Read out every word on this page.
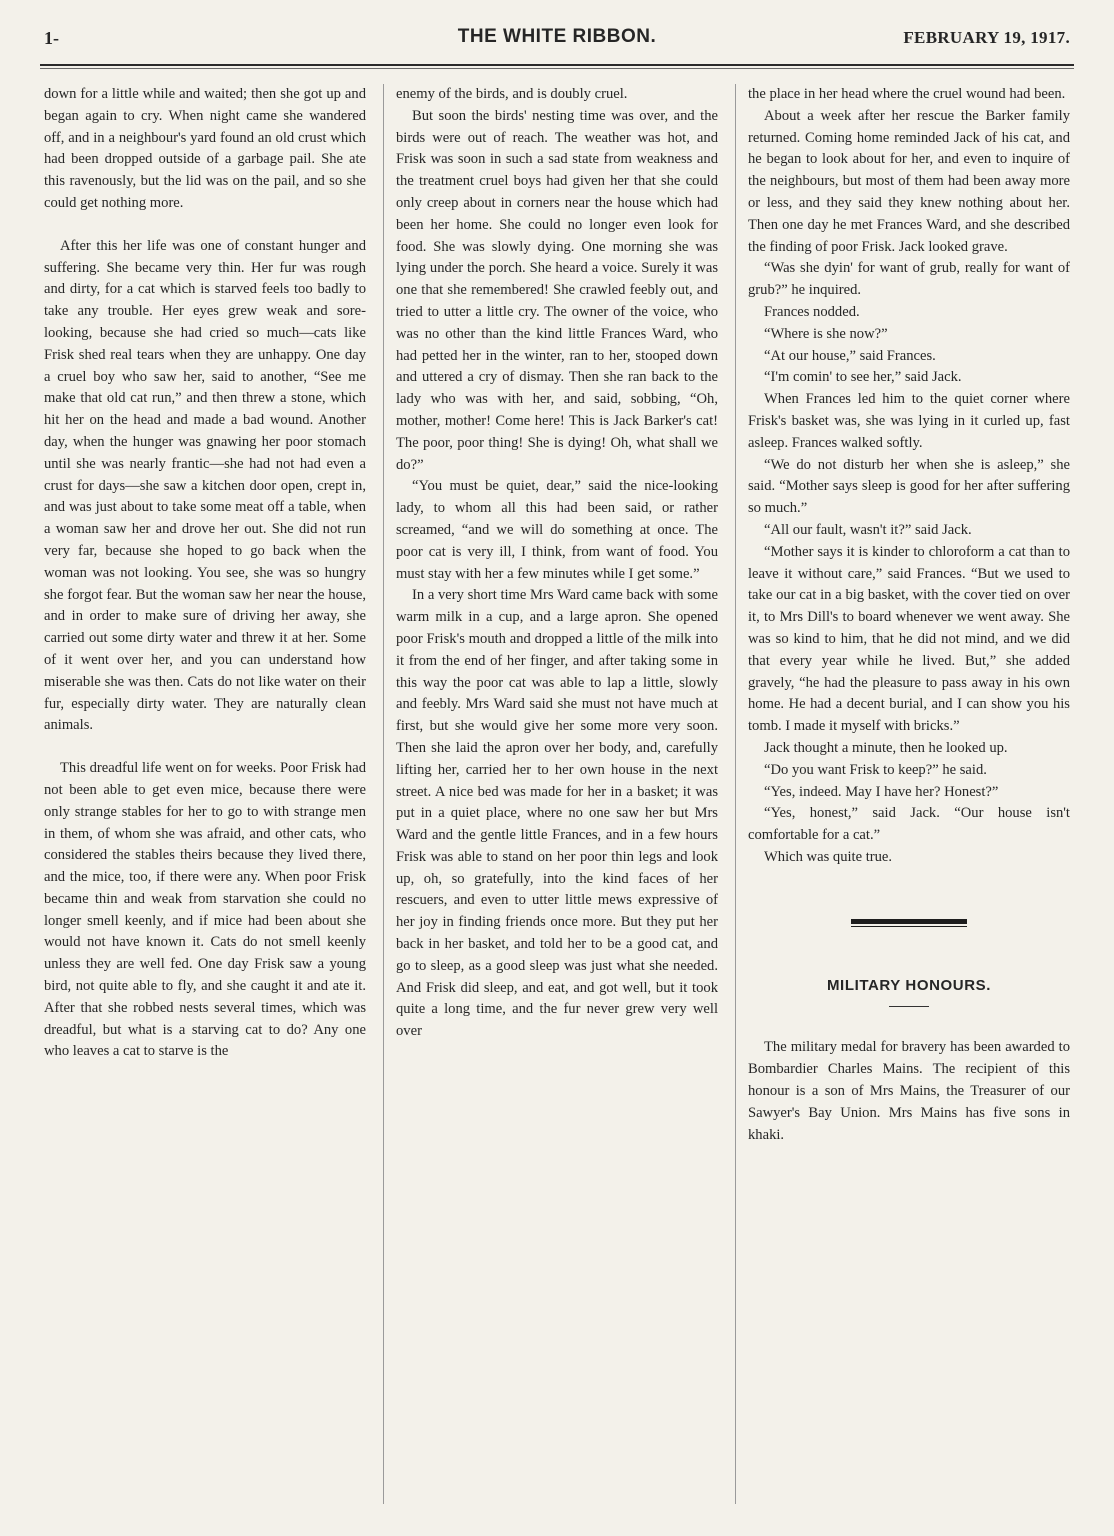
1-	THE WHITE RIBBON.	FEBRUARY 19, 1917.

down for a little while and waited; then she got up and began again to cry. When night came she wandered off, and in a neighbour's yard found an old crust which had been dropped outside of a garbage pail. She ate this ravenously, but the lid was on the pail, and so she could get nothing more.

After this her life was one of constant hunger and suffering. She became very thin. Her fur was rough and dirty, for a cat which is starved feels too badly to take any trouble. Her eyes grew weak and sore-looking, because she had cried so much—cats like Frisk shed real tears when they are unhappy. One day a cruel boy who saw her, said to another, “See me make that old cat run,” and then threw a stone, which hit her on the head and made a bad wound. Another day, when the hunger was gnawing her poor stomach until she was nearly frantic—she had not had even a crust for days—she saw a kitchen door open, crept in, and was just about to take some meat off a table, when a woman saw her and drove her out. She did not run very far, because she hoped to go back when the woman was not looking. You see, she was so hungry she forgot fear. But the woman saw her near the house, and in order to make sure of driving her away, she carried out some dirty water and threw it at her. Some of it went over her, and you can understand how miserable she was then. Cats do not like water on their fur, especially dirty water. They are naturally clean animals.

This dreadful life went on for weeks. Poor Frisk had not been able to get even mice, because there were only strange stables for her to go to with strange men in them, of whom she was afraid, and other cats, who considered the stables theirs because they lived there, and the mice, too, if there were any. When poor Frisk became thin and weak from starvation she could no longer smell keenly, and if mice had been about she would not have known it. Cats do not smell keenly unless they are well fed. One day Frisk saw a young bird, not quite able to fly, and she caught it and ate it. After that she robbed nests several times, which was dreadful, but what is a starving cat to do? Any one who leaves a cat to starve is the

enemy of the birds, and is doubly cruel.

But soon the birds' nesting time was over, and the birds were out of reach. The weather was hot, and Frisk was soon in such a sad state from weakness and the treatment cruel boys had given her that she could only creep about in corners near the house which had been her home. She could no longer even look for food. She was slowly dying. One morning she was lying under the porch. She heard a voice. Surely it was one that she remembered! She crawled feebly out, and tried to utter a little cry. The owner of the voice, who was no other than the kind little Frances Ward, who had petted her in the winter, ran to her, stooped down and uttered a cry of dismay. Then she ran back to the lady who was with her, and said, sobbing, “Oh, mother, mother! Come here! This is Jack Barker's cat! The poor, poor thing! She is dying! Oh, what shall we do?”

“You must be quiet, dear,” said the nice-looking lady, to whom all this had been said, or rather screamed, “and we will do something at once. The poor cat is very ill, I think, from want of food. You must stay with her a few minutes while I get some.”

In a very short time Mrs Ward came back with some warm milk in a cup, and a large apron. She opened poor Frisk's mouth and dropped a little of the milk into it from the end of her finger, and after taking some in this way the poor cat was able to lap a little, slowly and feebly. Mrs Ward said she must not have much at first, but she would give her some more very soon. Then she laid the apron over her body, and, carefully lifting her, carried her to her own house in the next street. A nice bed was made for her in a basket; it was put in a quiet place, where no one saw her but Mrs Ward and the gentle little Frances, and in a few hours Frisk was able to stand on her poor thin legs and look up, oh, so gratefully, into the kind faces of her rescuers, and even to utter little mews expressive of her joy in finding friends once more. But they put her back in her basket, and told her to be a good cat, and go to sleep, as a good sleep was just what she needed. And Frisk did sleep, and eat, and got well, but it took quite a long time, and the fur never grew very well over

the place in her head where the cruel wound had been.

About a week after her rescue the Barker family returned. Coming home reminded Jack of his cat, and he began to look about for her, and even to inquire of the neighbours, but most of them had been away more or less, and they said they knew nothing about her. Then one day he met Frances Ward, and she described the finding of poor Frisk. Jack looked grave.

“Was she dyin' for want of grub, really for want of grub?” he inquired.

Frances nodded.

“Where is she now?”

“At our house,” said Frances.

“I'm comin' to see her,” said Jack.

When Frances led him to the quiet corner where Frisk's basket was, she was lying in it curled up, fast asleep. Frances walked softly.

“We do not disturb her when she is asleep,” she said. “Mother says sleep is good for her after suffering so much.”

“All our fault, wasn't it?” said Jack.

“Mother says it is kinder to chloroform a cat than to leave it without care,” said Frances. “But we used to take our cat in a big basket, with the cover tied on over it, to Mrs Dill's to board whenever we went away. She was so kind to him, that he did not mind, and we did that every year while he lived. But,” she added gravely, “he had the pleasure to pass away in his own home. He had a decent burial, and I can show you his tomb. I made it myself with bricks.”

Jack thought a minute, then he looked up.

“Do you want Frisk to keep?” he said.

“Yes, indeed. May I have her? Honest?”

“Yes, honest,” said Jack. “Our house isn't comfortable for a cat.”

Which was quite true.

MILITARY HONOURS.

The military medal for bravery has been awarded to Bombardier Charles Mains. The recipient of this honour is a son of Mrs Mains, the Treasurer of our Sawyer's Bay Union. Mrs Mains has five sons in khaki.
